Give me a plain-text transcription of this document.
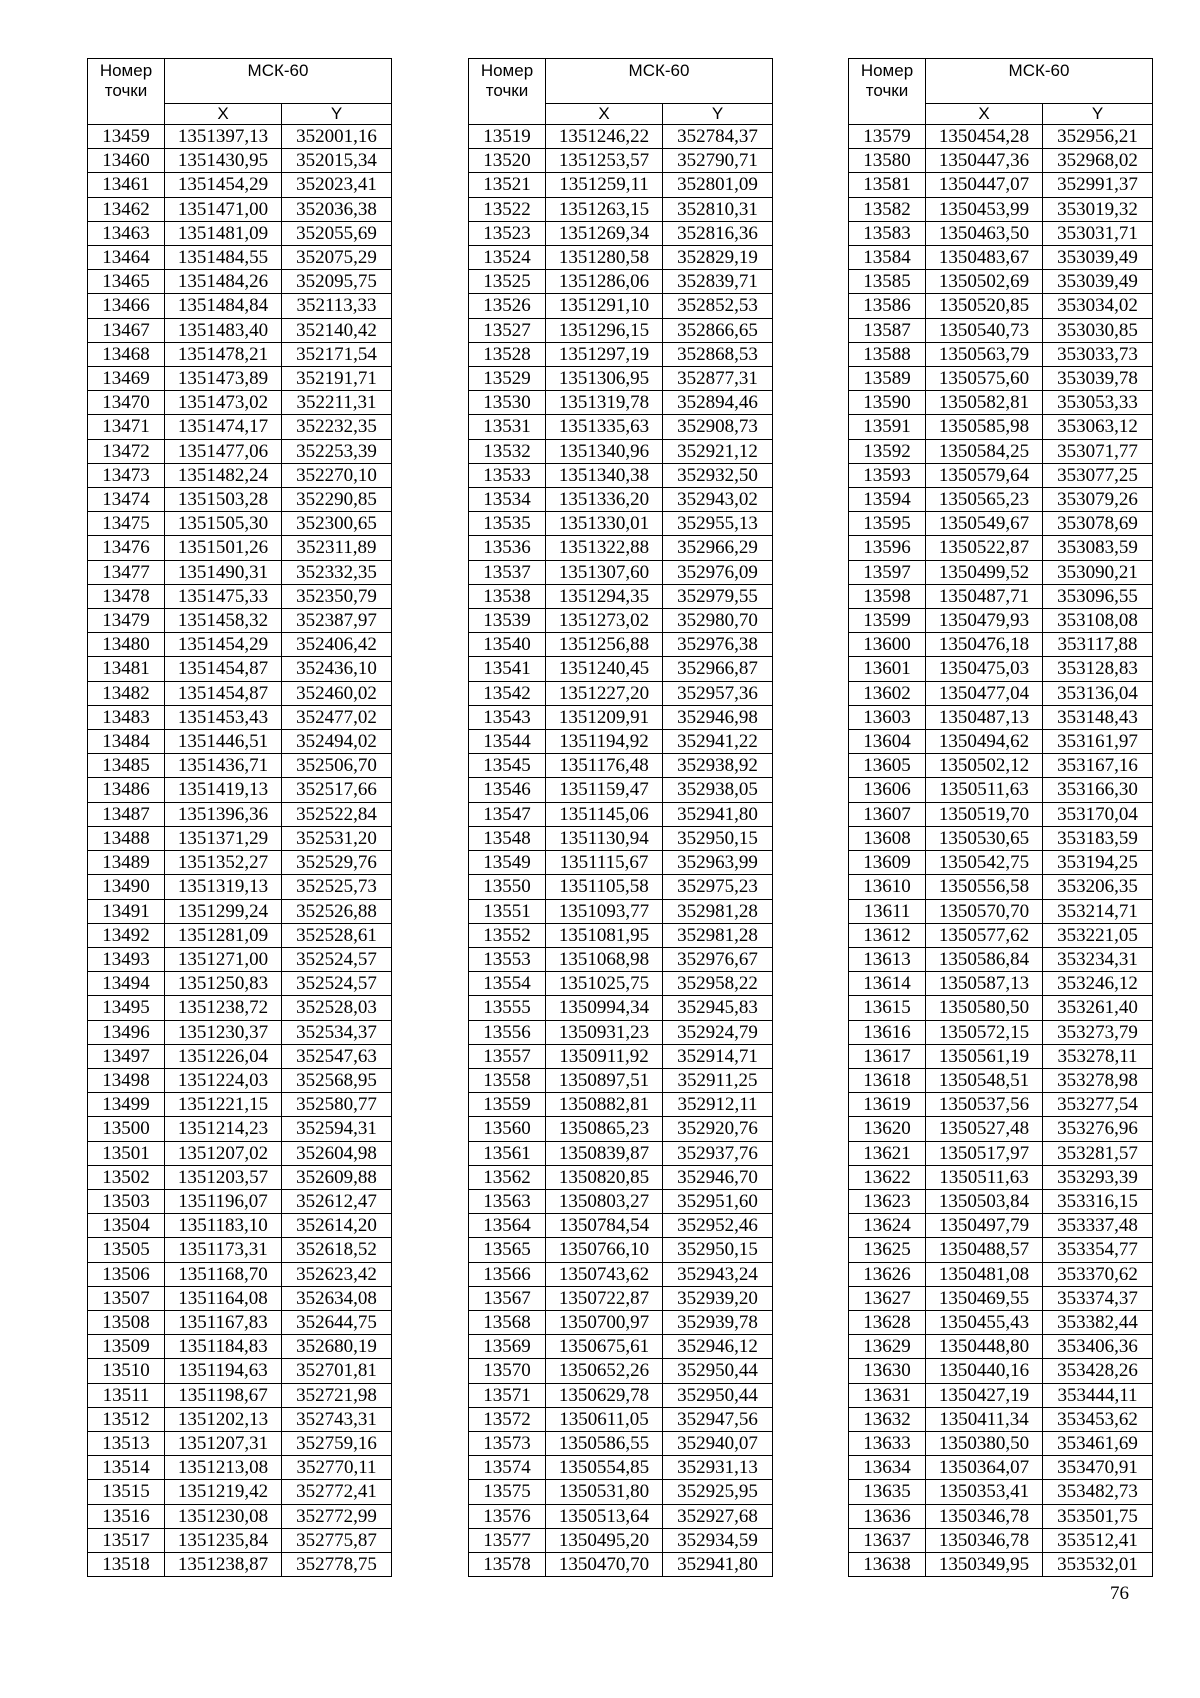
Номер
точки	МСК-60	
	X	Y
13459	1351397,13	352001,16
13460	1351430,95	352015,34
13461	1351454,29	352023,41
13462	1351471,00	352036,38
13463	1351481,09	352055,69
13464	1351484,55	352075,29
13465	1351484,26	352095,75
13466	1351484,84	352113,33
13467	1351483,40	352140,42
13468	1351478,21	352171,54
13469	1351473,89	352191,71
13470	1351473,02	352211,31
13471	1351474,17	352232,35
13472	1351477,06	352253,39
13473	1351482,24	352270,10
13474	1351503,28	352290,85
13475	1351505,30	352300,65
13476	1351501,26	352311,89
13477	1351490,31	352332,35
13478	1351475,33	352350,79
13479	1351458,32	352387,97
13480	1351454,29	352406,42
13481	1351454,87	352436,10
13482	1351454,87	352460,02
13483	1351453,43	352477,02
13484	1351446,51	352494,02
13485	1351436,71	352506,70
13486	1351419,13	352517,66
13487	1351396,36	352522,84
13488	1351371,29	352531,20
13489	1351352,27	352529,76
13490	1351319,13	352525,73
13491	1351299,24	352526,88
13492	1351281,09	352528,61
13493	1351271,00	352524,57
13494	1351250,83	352524,57
13495	1351238,72	352528,03
13496	1351230,37	352534,37
13497	1351226,04	352547,63
13498	1351224,03	352568,95
13499	1351221,15	352580,77
13500	1351214,23	352594,31
13501	1351207,02	352604,98
13502	1351203,57	352609,88
13503	1351196,07	352612,47
13504	1351183,10	352614,20
13505	1351173,31	352618,52
13506	1351168,70	352623,42
13507	1351164,08	352634,08
13508	1351167,83	352644,75
13509	1351184,83	352680,19
13510	1351194,63	352701,81
13511	1351198,67	352721,98
13512	1351202,13	352743,31
13513	1351207,31	352759,16
13514	1351213,08	352770,11
13515	1351219,42	352772,41
13516	1351230,08	352772,99
13517	1351235,84	352775,87
13518	1351238,87	352778,75
Номер
точки	МСК-60	
	X	Y
13519	1351246,22	352784,37
13520	1351253,57	352790,71
13521	1351259,11	352801,09
13522	1351263,15	352810,31
13523	1351269,34	352816,36
13524	1351280,58	352829,19
13525	1351286,06	352839,71
13526	1351291,10	352852,53
13527	1351296,15	352866,65
13528	1351297,19	352868,53
13529	1351306,95	352877,31
13530	1351319,78	352894,46
13531	1351335,63	352908,73
13532	1351340,96	352921,12
13533	1351340,38	352932,50
13534	1351336,20	352943,02
13535	1351330,01	352955,13
13536	1351322,88	352966,29
13537	1351307,60	352976,09
13538	1351294,35	352979,55
13539	1351273,02	352980,70
13540	1351256,88	352976,38
13541	1351240,45	352966,87
13542	1351227,20	352957,36
13543	1351209,91	352946,98
13544	1351194,92	352941,22
13545	1351176,48	352938,92
13546	1351159,47	352938,05
13547	1351145,06	352941,80
13548	1351130,94	352950,15
13549	1351115,67	352963,99
13550	1351105,58	352975,23
13551	1351093,77	352981,28
13552	1351081,95	352981,28
13553	1351068,98	352976,67
13554	1351025,75	352958,22
13555	1350994,34	352945,83
13556	1350931,23	352924,79
13557	1350911,92	352914,71
13558	1350897,51	352911,25
13559	1350882,81	352912,11
13560	1350865,23	352920,76
13561	1350839,87	352937,76
13562	1350820,85	352946,70
13563	1350803,27	352951,60
13564	1350784,54	352952,46
13565	1350766,10	352950,15
13566	1350743,62	352943,24
13567	1350722,87	352939,20
13568	1350700,97	352939,78
13569	1350675,61	352946,12
13570	1350652,26	352950,44
13571	1350629,78	352950,44
13572	1350611,05	352947,56
13573	1350586,55	352940,07
13574	1350554,85	352931,13
13575	1350531,80	352925,95
13576	1350513,64	352927,68
13577	1350495,20	352934,59
13578	1350470,70	352941,80
Номер
точки	МСК-60	
	X	Y
13579	1350454,28	352956,21
13580	1350447,36	352968,02
13581	1350447,07	352991,37
13582	1350453,99	353019,32
13583	1350463,50	353031,71
13584	1350483,67	353039,49
13585	1350502,69	353039,49
13586	1350520,85	353034,02
13587	1350540,73	353030,85
13588	1350563,79	353033,73
13589	1350575,60	353039,78
13590	1350582,81	353053,33
13591	1350585,98	353063,12
13592	1350584,25	353071,77
13593	1350579,64	353077,25
13594	1350565,23	353079,26
13595	1350549,67	353078,69
13596	1350522,87	353083,59
13597	1350499,52	353090,21
13598	1350487,71	353096,55
13599	1350479,93	353108,08
13600	1350476,18	353117,88
13601	1350475,03	353128,83
13602	1350477,04	353136,04
13603	1350487,13	353148,43
13604	1350494,62	353161,97
13605	1350502,12	353167,16
13606	1350511,63	353166,30
13607	1350519,70	353170,04
13608	1350530,65	353183,59
13609	1350542,75	353194,25
13610	1350556,58	353206,35
13611	1350570,70	353214,71
13612	1350577,62	353221,05
13613	1350586,84	353234,31
13614	1350587,13	353246,12
13615	1350580,50	353261,40
13616	1350572,15	353273,79
13617	1350561,19	353278,11
13618	1350548,51	353278,98
13619	1350537,56	353277,54
13620	1350527,48	353276,96
13621	1350517,97	353281,57
13622	1350511,63	353293,39
13623	1350503,84	353316,15
13624	1350497,79	353337,48
13625	1350488,57	353354,77
13626	1350481,08	353370,62
13627	1350469,55	353374,37
13628	1350455,43	353382,44
13629	1350448,80	353406,36
13630	1350440,16	353428,26
13631	1350427,19	353444,11
13632	1350411,34	353453,62
13633	1350380,50	353461,69
13634	1350364,07	353470,91
13635	1350353,41	353482,73
13636	1350346,78	353501,75
13637	1350346,78	353512,41
13638	1350349,95	353532,01
76
